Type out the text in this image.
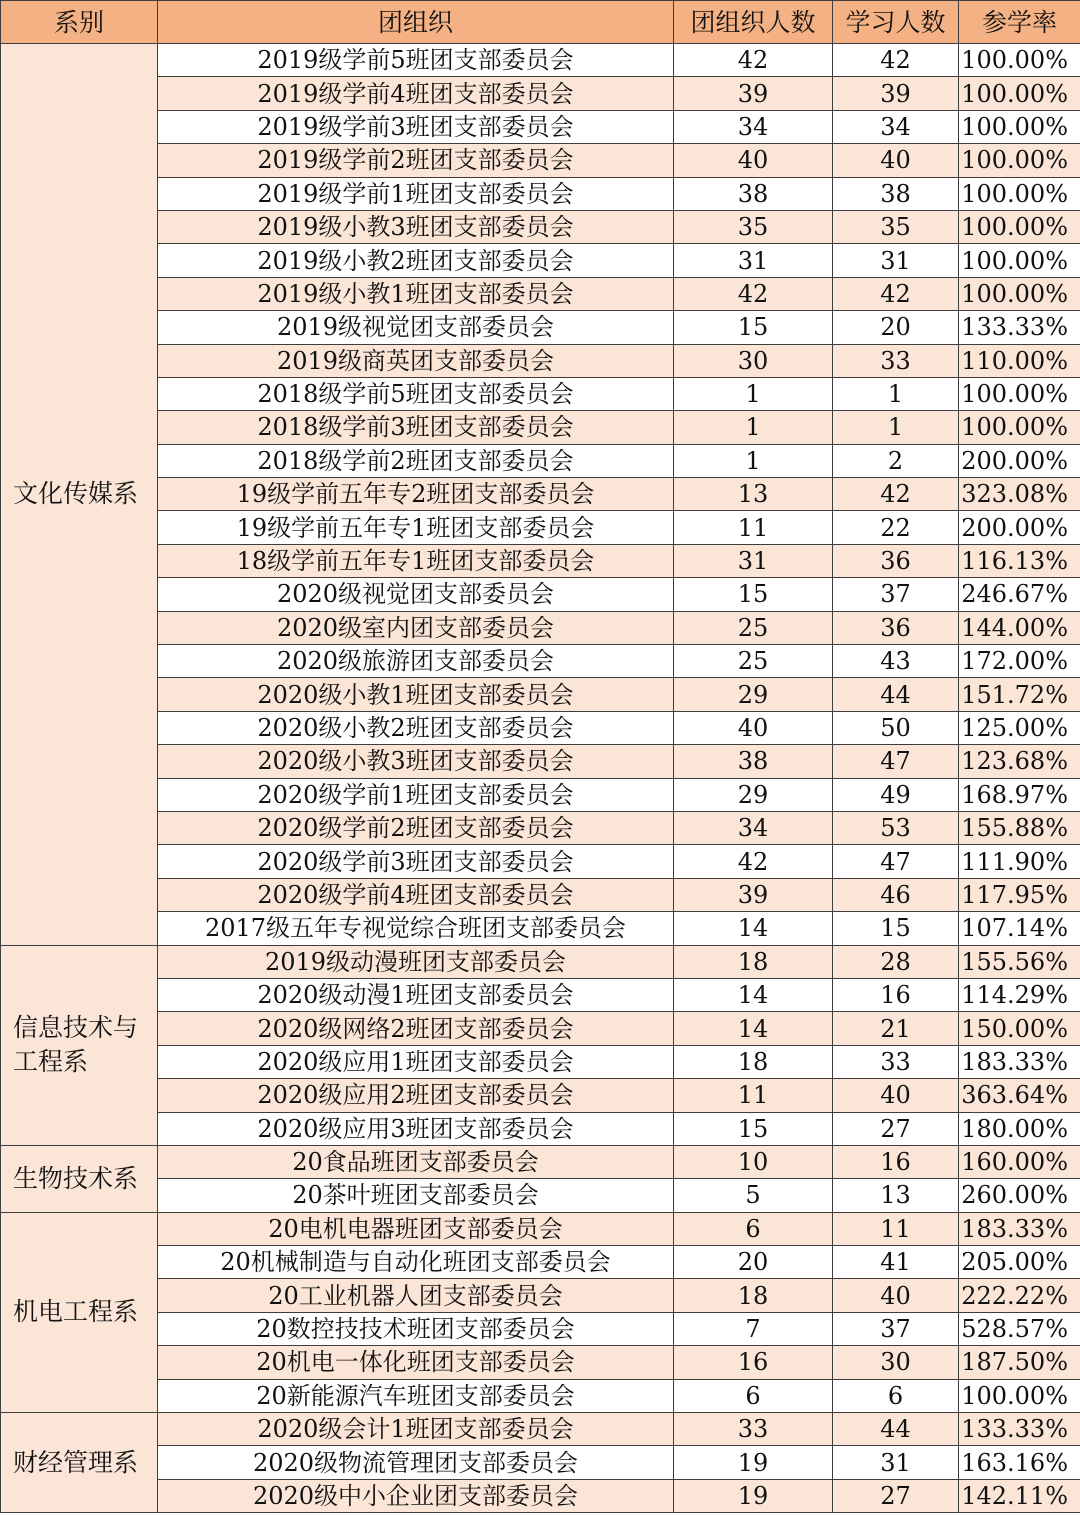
系别	团组织	团组织人数	学习人数	参学率
文化传媒系	2019级学前5班团支部委员会	42	42	100.00%
	2019级学前4班团支部委员会	39	39	100.00%
	2019级学前3班团支部委员会	34	34	100.00%
	2019级学前2班团支部委员会	40	40	100.00%
	2019级学前1班团支部委员会	38	38	100.00%
	2019级小教3班团支部委员会	35	35	100.00%
	2019级小教2班团支部委员会	31	31	100.00%
	2019级小教1班团支部委员会	42	42	100.00%
	2019级视觉团支部委员会	15	20	133.33%
	2019级商英团支部委员会	30	33	110.00%
	2018级学前5班团支部委员会	1	1	100.00%
	2018级学前3班团支部委员会	1	1	100.00%
	2018级学前2班团支部委员会	1	2	200.00%
	19级学前五年专2班团支部委员会	13	42	323.08%
	19级学前五年专1班团支部委员会	11	22	200.00%
	18级学前五年专1班团支部委员会	31	36	116.13%
	2020级视觉团支部委员会	15	37	246.67%
	2020级室内团支部委员会	25	36	144.00%
	2020级旅游团支部委员会	25	43	172.00%
	2020级小教1班团支部委员会	29	44	151.72%
	2020级小教2班团支部委员会	40	50	125.00%
	2020级小教3班团支部委员会	38	47	123.68%
	2020级学前1班团支部委员会	29	49	168.97%
	2020级学前2班团支部委员会	34	53	155.88%
	2020级学前3班团支部委员会	42	47	111.90%
	2020级学前4班团支部委员会	39	46	117.95%
	2017级五年专视觉综合班团支部委员会	14	15	107.14%
信息技术与工程系	2019级动漫班团支部委员会	18	28	155.56%
	2020级动漫1班团支部委员会	14	16	114.29%
	2020级网络2班团支部委员会	14	21	150.00%
	2020级应用1班团支部委员会	18	33	183.33%
	2020级应用2班团支部委员会	11	40	363.64%
	2020级应用3班团支部委员会	15	27	180.00%
生物技术系	20食品班团支部委员会	10	16	160.00%
	20茶叶班团支部委员会	5	13	260.00%
机电工程系	20电机电器班团支部委员会	6	11	183.33%
	20机械制造与自动化班团支部委员会	20	41	205.00%
	20工业机器人团支部委员会	18	40	222.22%
	20数控技技术班团支部委员会	7	37	528.57%
	20机电一体化班团支部委员会	16	30	187.50%
	20新能源汽车班团支部委员会	6	6	100.00%
财经管理系	2020级会计1班团支部委员会	33	44	133.33%
	2020级物流管理团支部委员会	19	31	163.16%
	2020级中小企业团支部委员会	19	27	142.11%
